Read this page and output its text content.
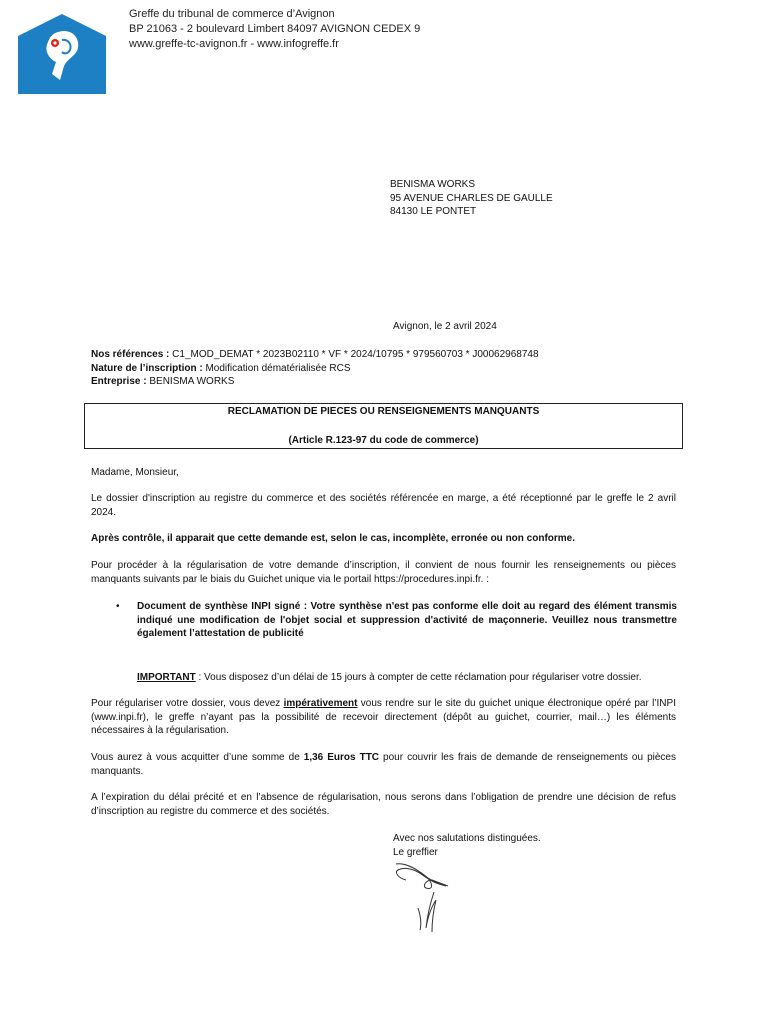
Greffe du tribunal de commerce d’Avignon
BP 21063 - 2 boulevard Limbert 84097 AVIGNON CEDEX 9
www.greffe-tc-avignon.fr - www.infogreffe.fr
BENISMA WORKS
95 AVENUE CHARLES DE GAULLE
84130 LE PONTET
Avignon, le 2 avril 2024
Nos références : C1_MOD_DEMAT * 2023B02110 * VF * 2024/10795 * 979560703 * J00062968748
Nature de l’inscription : Modification dématérialisée RCS
Entreprise : BENISMA WORKS
RECLAMATION DE PIECES OU RENSEIGNEMENTS MANQUANTS
(Article R.123-97 du code de commerce)
Madame, Monsieur,
Le dossier d'inscription au registre du commerce et des sociétés référencée en marge, a été réceptionné par le greffe le 2 avril 2024.
Après contrôle, il apparait que cette demande est, selon le cas, incomplète, erronée ou non conforme.
Pour procéder à la régularisation de votre demande d’inscription, il convient de nous fournir les renseignements ou pièces manquants suivants par le biais du Guichet unique via le portail https://procedures.inpi.fr. :
• Document de synthèse INPI signé : Votre synthèse n'est pas conforme elle doit au regard des élément transmis indiqué une modification de l'objet social et suppression d'activité de maçonnerie. Veuillez nous transmettre également l’attestation de publicité
IMPORTANT : Vous disposez d’un délai de 15 jours à compter de cette réclamation pour régulariser votre dossier.
Pour régulariser votre dossier, vous devez impérativement vous rendre sur le site du guichet unique électronique opéré par l’INPI (www.inpi.fr), le greffe n’ayant pas la possibilité de recevoir directement (dépôt au guichet, courrier, mail…) les éléments nécessaires à la régularisation.
Vous aurez à vous acquitter d’une somme de 1,36 Euros TTC pour couvrir les frais de demande de renseignements ou pièces manquants.
A l’expiration du délai précité et en l’absence de régularisation, nous serons dans l’obligation de prendre une décision de refus d’inscription au registre du commerce et des sociétés.
Avec nos salutations distinguées.
Le greffier
